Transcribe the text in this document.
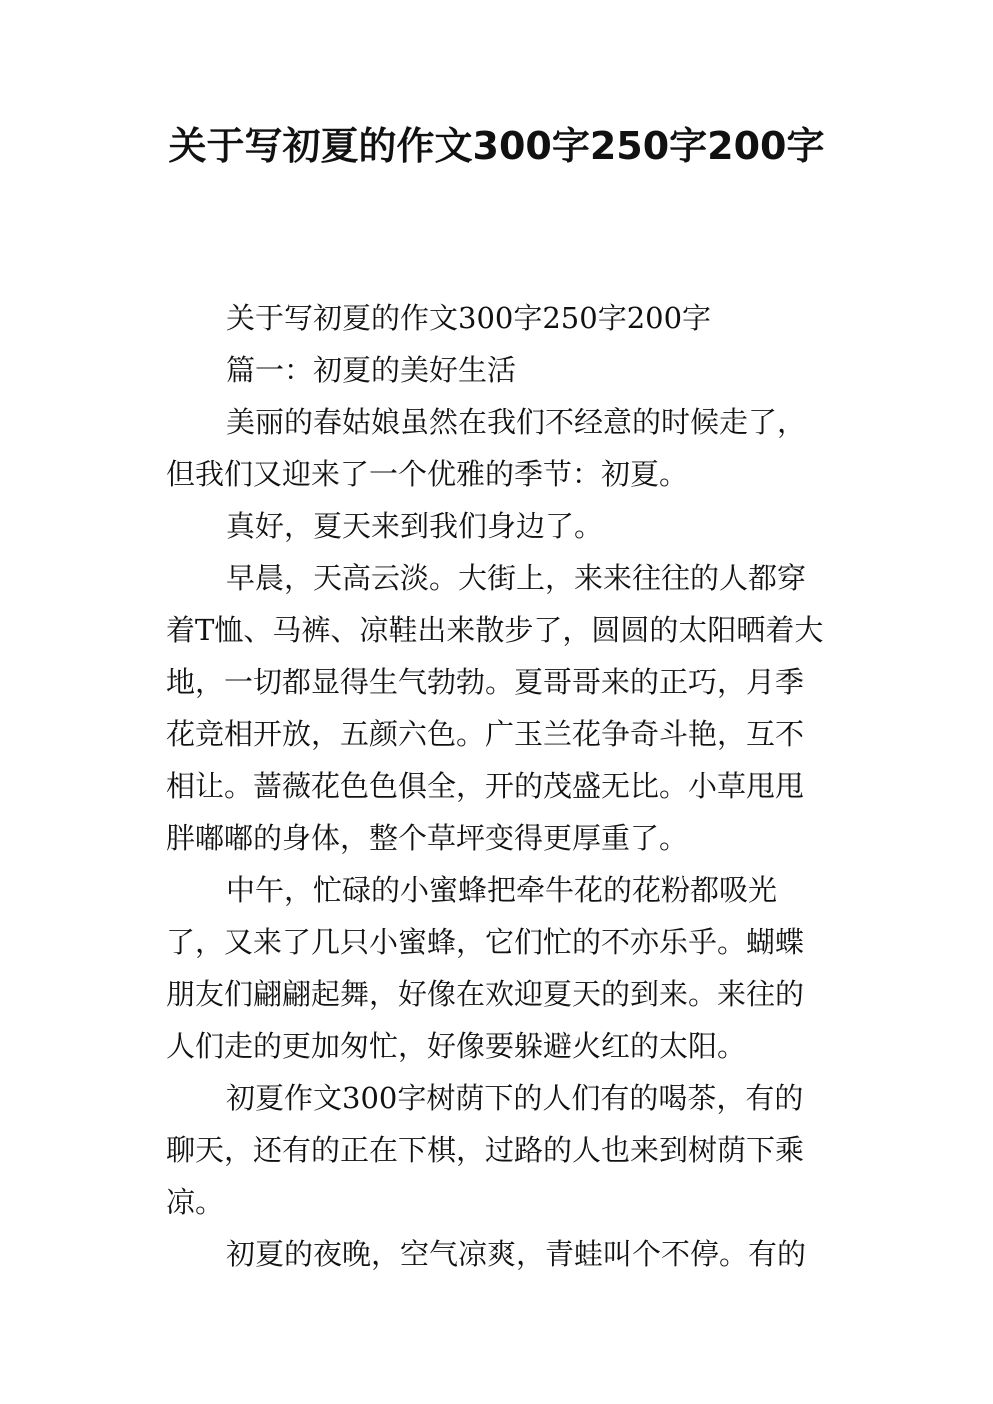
关于写初夏的作文300字250字200字

关于写初夏的作文300字250字200字

篇一：初夏的美好生活

美丽的春姑娘虽然在我们不经意的时候走了，但我们又迎来了一个优雅的季节：初夏。

真好，夏天来到我们身边了。

早晨，天高云淡。大街上，来来往往的人都穿着T恤、马裤、凉鞋出来散步了，圆圆的太阳晒着大地，一切都显得生气勃勃。夏哥哥来的正巧，月季花竞相开放，五颜六色。广玉兰花争奇斗艳，互不相让。蔷薇花色色俱全，开的茂盛无比。小草甩甩胖嘟嘟的身体，整个草坪变得更厚重了。

中午，忙碌的小蜜蜂把牵牛花的花粉都吸光了，又来了几只小蜜蜂，它们忙的不亦乐乎。蝴蝶朋友们翩翩起舞，好像在欢迎夏天的到来。来往的人们走的更加匆忙，好像要躲避火红的太阳。

初夏作文300字树荫下的人们有的喝茶，有的聊天，还有的正在下棋，过路的人也来到树荫下乘凉。

初夏的夜晚，空气凉爽，青蛙叫个不停。有的
